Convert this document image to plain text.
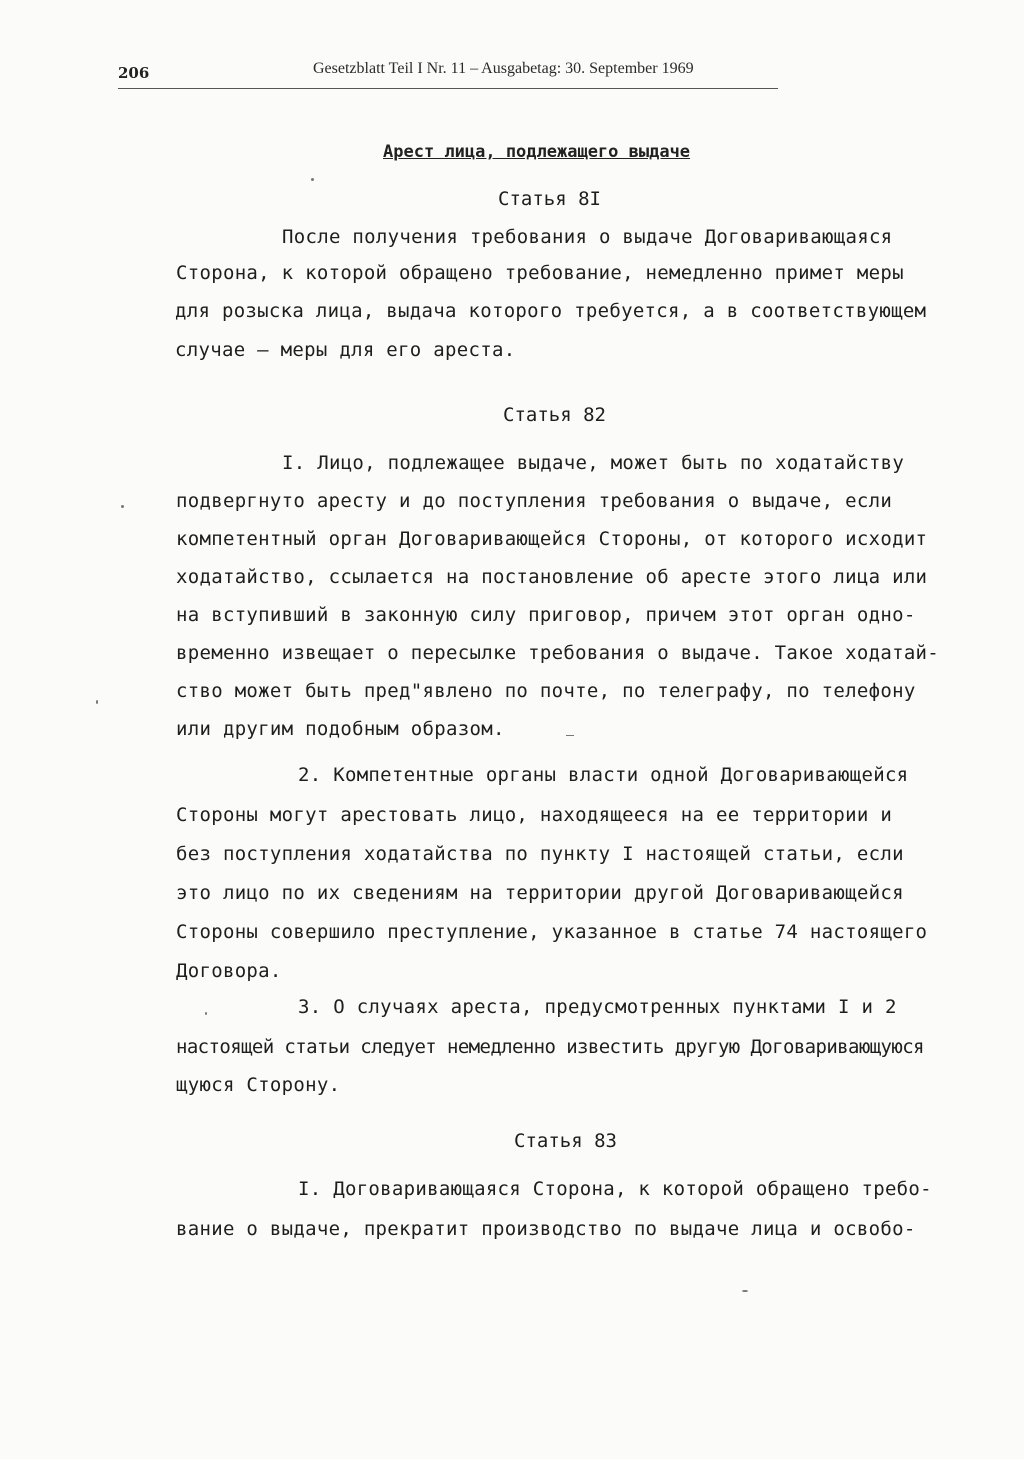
206	Gesetzblatt Teil I Nr. 11 – Ausgabetag: 30. September 1969
Арест лица, подлежащего выдаче
Статья 8I
После получения требования о выдаче Договаривающаяся
Сторона, к которой обращено требование, немедленно примет меры
для розыска лица, выдача которого требуется, а в соответствующем
случае – меры для его ареста.
Статья 82
I. Лицо, подлежащее выдаче, может быть по ходатайству
подвергнуто аресту и до поступления требования о выдаче, если
компетентный орган Договаривающейся Стороны, от которого исходит
ходатайство, ссылается на постановление об аресте этого лица или
на вступивший в законную силу приговор, причем этот орган одно-
временно извещает о пересылке требования о выдаче. Такое ходатай-
ство может быть пред"явлено по почте, по телеграфу, по телефону
или другим подобным образом.
2. Компетентные органы власти одной Договаривающейся
Стороны могут арестовать лицо, находящееся на ее территории и
без поступления ходатайства по пункту I настоящей статьи, если
это лицо по их сведениям на территории другой Договаривающейся
Стороны совершило преступление, указанное в статье 74 настоящего
Договора.
3. О случаях ареста, предусмотренных пунктами I и 2
настоящей статьи следует немедленно известить другую Договаривающуюся
щуюся Сторону.
Статья 83
I. Договаривающаяся Сторона, к которой обращено требо-
вание о выдаче, прекратит производство по выдаче лица и освобо-
